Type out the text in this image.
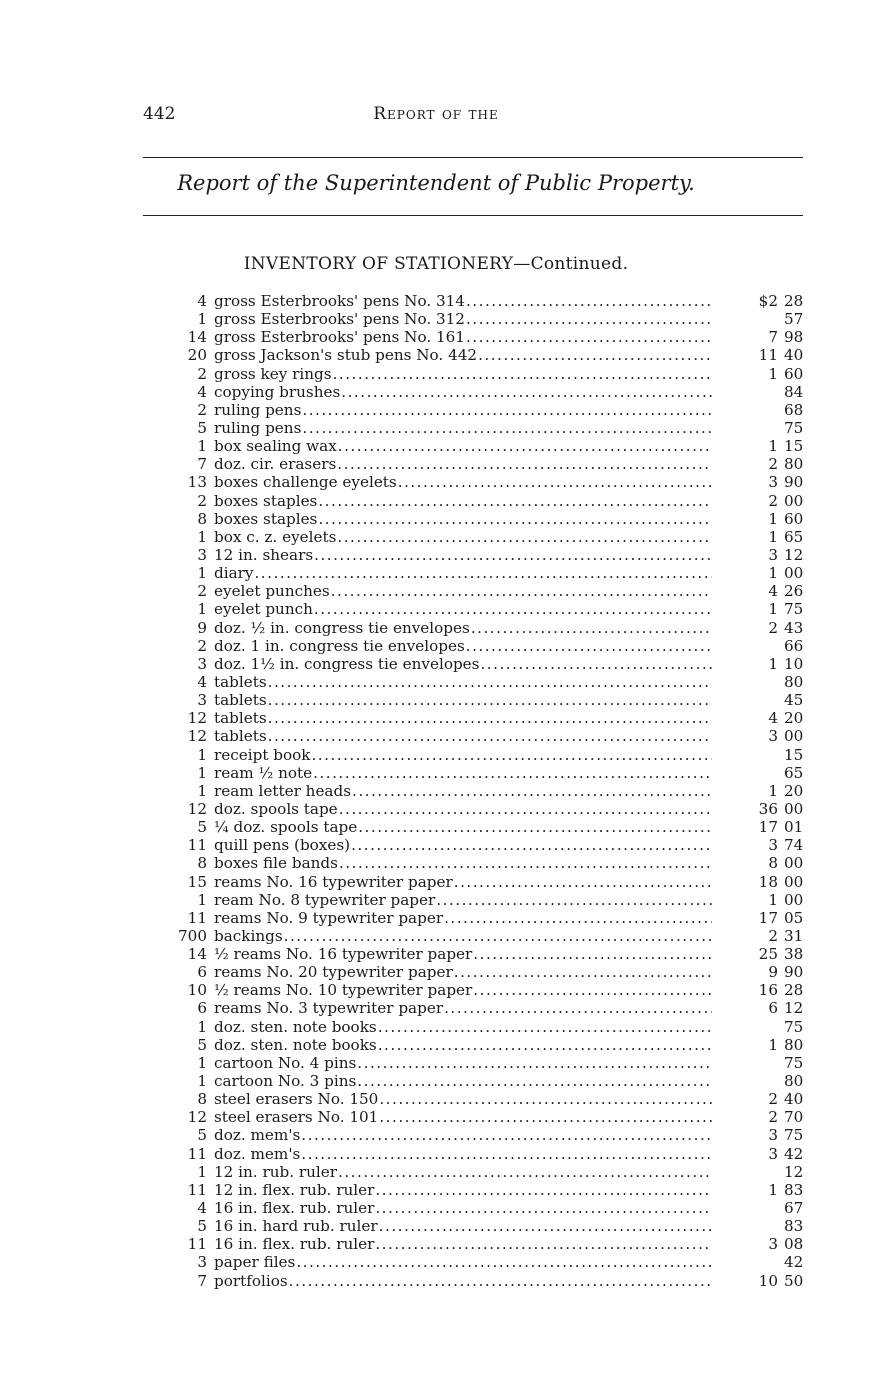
442	Report of the
Report of the Superintendent of Public Property.
INVENTORY OF STATIONERY—Continued.
4 gross Esterbrooks' pens No. 314 .....	$2 28
1 gross Esterbrooks' pens No. 312 .....	57
14 gross Esterbrooks' pens No. 161 .....	7 98
20 gross Jackson's stub pens No. 442 .....	11 40
2 gross key rings .....	1 60
4 copying brushes .....	84
2 ruling pens .....	68
5 ruling pens .....	75
1 box sealing wax .....	1 15
7 doz. cir. erasers .....	2 80
13 boxes challenge eyelets .....	3 90
2 boxes staples .....	2 00
8 boxes staples .....	1 60
1 box c. z. eyelets .....	1 65
3 12 in. shears .....	3 12
1 diary .....	1 00
2 eyelet punches .....	4 26
1 eyelet punch .....	1 75
9 doz. ½ in. congress tie envelopes .....	2 43
2 doz. 1 in. congress tie envelopes .....	66
3 doz. 1½ in. congress tie envelopes .....	1 10
4 tablets .....	80
3 tablets .....	45
12 tablets .....	4 20
12 tablets .....	3 00
1 receipt book .....	15
1 ream ½ note .....	65
1 ream letter heads .....	1 20
12 doz. spools tape .....	36 00
5 ¼ doz. spools tape .....	17 01
11 quill pens (boxes) .....	3 74
8 boxes file bands .....	8 00
15 reams No. 16 typewriter paper .....	18 00
1 ream No. 8 typewriter paper .....	1 00
11 reams No. 9 typewriter paper .....	17 05
700 backings .....	2 31
14 ½ reams No. 16 typewriter paper .....	25 38
6 reams No. 20 typewriter paper .....	9 90
10 ½ reams No. 10 typewriter paper .....	16 28
6 reams No. 3 typewriter paper .....	6 12
1 doz. sten. note books .....	75
5 doz. sten. note books .....	1 80
1 cartoon No. 4 pins .....	75
1 cartoon No. 3 pins .....	80
8 steel erasers No. 150 .....	2 40
12 steel erasers No. 101 .....	2 70
5 doz. mem's .....	3 75
11 doz. mem's .....	3 42
1 12 in. rub. ruler .....	12
11 12 in. flex. rub. ruler .....	1 83
4 16 in. flex. rub. ruler .....	67
5 16 in. hard rub. ruler .....	83
11 16 in. flex. rub. ruler .....	3 08
3 paper files .....	42
7 portfolios .....	10 50
